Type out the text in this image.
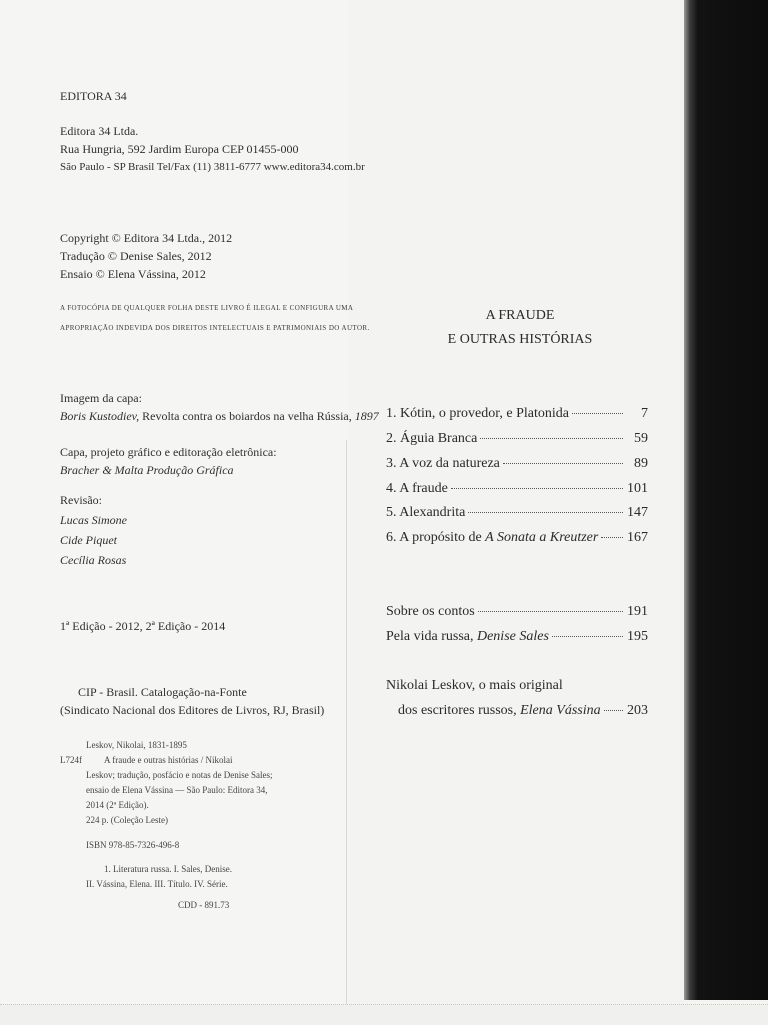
EDITORA 34
Editora 34 Ltda.
Rua Hungria, 592 Jardim Europa CEP 01455-000
São Paulo - SP Brasil Tel/Fax (11) 3811-6777 www.editora34.com.br
Copyright © Editora 34 Ltda., 2012
Tradução © Denise Sales, 2012
Ensaio © Elena Vássina, 2012
A FOTOCÓPIA DE QUALQUER FOLHA DESTE LIVRO É ILEGAL E CONFIGURA UMA
APROPRIAÇÃO INDEVIDA DOS DIREITOS INTELECTUAIS E PATRIMONIAIS DO AUTOR.
Imagem da capa:
Boris Kustodiev, Revolta contra os boiardos na velha Rússia, 1897
Capa, projeto gráfico e editoração eletrônica:
Bracher & Malta Produção Gráfica
Revisão:
Lucas Simone
Cide Piquet
Cecília Rosas
1ª Edição - 2012, 2ª Edição - 2014
CIP - Brasil. Catalogação-na-Fonte
(Sindicato Nacional dos Editores de Livros, RJ, Brasil)
L724f
Leskov, Nikolai, 1831-1895
A fraude e outras histórias / Nikolai
Leskov; tradução, posfácio e notas de Denise Sales;
ensaio de Elena Vássina — São Paulo: Editora 34,
2014 (2ª Edição).
224 p. (Coleção Leste)
ISBN 978-85-7326-496-8
1. Literatura russa. I. Sales, Denise.
II. Vássina, Elena. III. Título. IV. Série.
CDD - 891.73
A FRAUDE
E OUTRAS HISTÓRIAS
1. Kótin, o provedor, e Platonida	7
2. Águia Branca	59
3. A voz da natureza	89
4. A fraude	101
5. Alexandrita	147
6. A propósito de A Sonata a Kreutzer 167
Sobre os contos	191
Pela vida russa, Denise Sales	195
Nikolai Leskov, o mais original
dos escritores russos, Elena Vássina 203
